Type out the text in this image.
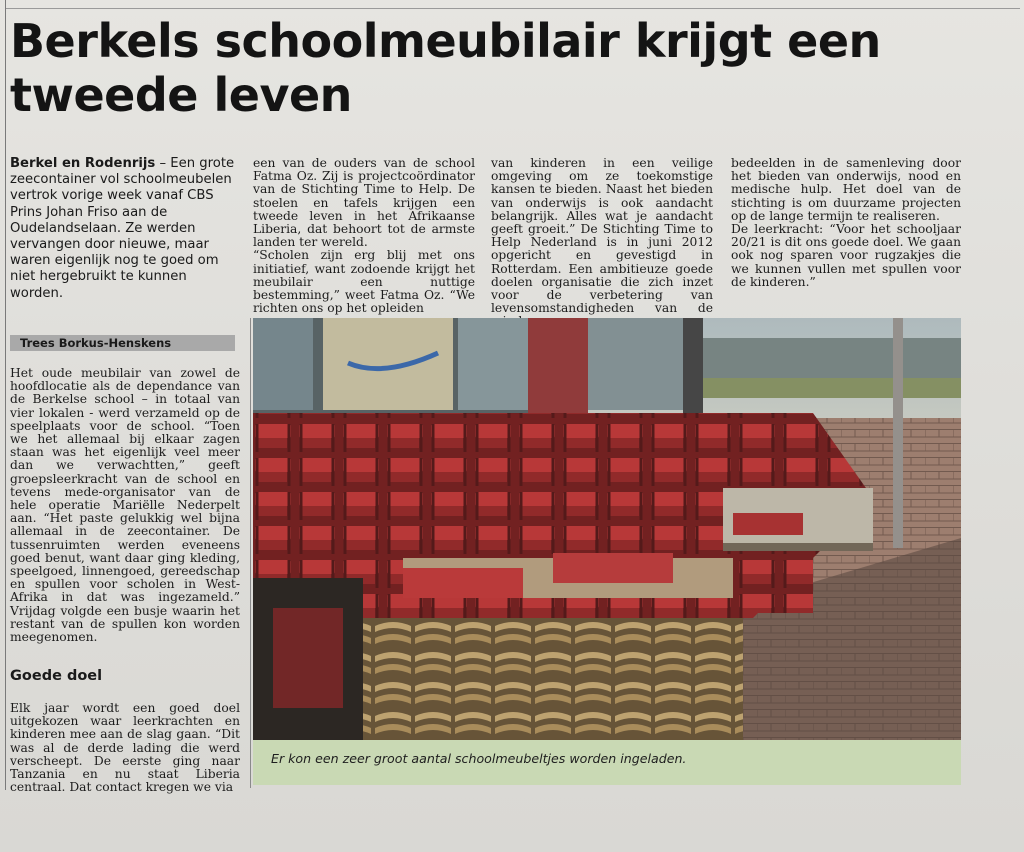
Berkels schoolmeubilair krijgt een tweede leven
Berkel en Rodenrijs – Een grote zeecontainer vol schoolmeubelen vertrok vorige week vanaf CBS Prins Johan Friso aan de Oudelandselaan. Ze werden vervangen door nieuwe, maar waren eigenlijk nog te goed om niet hergebruikt te kunnen worden.
Trees Borkus-Henskens

Het oude meubilair van zowel de hoofdlocatie als de dependance van de Berkelse school – in totaal van vier lokalen - werd verzameld op de speelplaats voor de school. “Toen we het allemaal bij elkaar zagen staan was het eigenlijk veel meer dan we verwachtten,” geeft groepsleerkracht van de school en tevens mede-organisator van de hele operatie Mariëlle Nederpelt aan. “Het paste gelukkig wel bijna allemaal in de zeecontainer. De tussenruimten werden eveneens goed benut, want daar ging kleding, speelgoed, linnengoed, gereedschap en spullen voor scholen in West-Afrika in dat was ingezameld.” Vrijdag volgde een busje waarin het restant van de spullen kon worden meegenomen.

Goede doel

Elk jaar wordt een goed doel uitgekozen waar leerkrachten en kinderen mee aan de slag gaan. “Dit was al de derde lading die werd verscheept. De eerste ging naar Tanzania en nu staat Liberia centraal. Dat contact kregen we via

een van de ouders van de school Fatma Oz. Zij is projectcoördinator van de Stichting Time to Help. De stoelen en tafels krijgen een tweede leven in het Afrikaanse Liberia, dat behoort tot de armste landen ter wereld.
“Scholen zijn erg blij met ons initiatief, want zodoende krijgt het meubilair een nuttige bestemming,” weet Fatma Oz. “We richten ons op het opleiden
van kinderen in een veilige omgeving om ze toekomstige kansen te bieden. Naast het bieden van onderwijs is ook aandacht belangrijk. Alles wat je aandacht geeft groeit.” De Stichting Time to Help Nederland is in juni 2012 opgericht en gevestigd in Rotterdam. Een ambitieuze goede doelen organisatie die zich inzet voor de verbetering van levensomstandigheden van de
bedeelden in de samenleving door het bieden van onderwijs, nood en medische hulp. Het doel van de stichting is om duurzame projecten op de lange termijn te realiseren.
De leerkracht: “Voor het schooljaar 20/21 is dit ons goede doel. We gaan ook nog sparen voor rugzakjes die we kunnen vullen met spullen voor de kinderen.”
Er kon een zeer groot aantal schoolmeubeltjes worden ingeladen.
